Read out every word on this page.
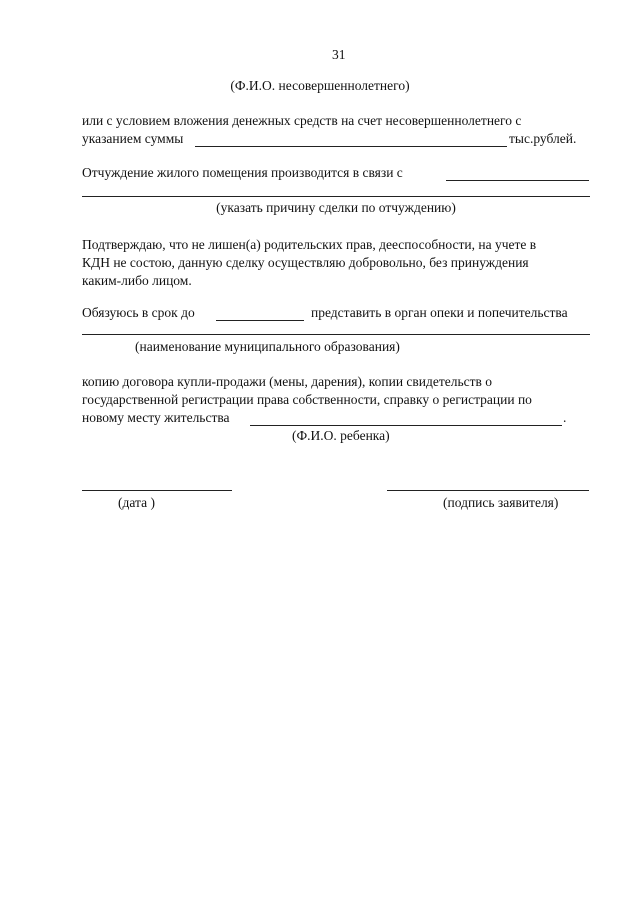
31
(Ф.И.О. несовершеннолетнего)
или с условием вложения денежных средств на счет несовершеннолетнего с
указанием суммы	тыс.рублей.
Отчуждение жилого помещения производится в связи с
(указать причину сделки по отчуждению)
Подтверждаю, что не лишен(а) родительских прав, дееспособности, на учете в
КДН не состою, данную сделку осуществляю добровольно, без принуждения
каким-либо лицом.
Обязуюсь в срок до	представить в орган опеки и попечительства
(наименование муниципального образования)
копию договора купли-продажи (мены, дарения), копии свидетельств о
государственной регистрации права собственности, справку о регистрации по
новому месту жительства	.
(Ф.И.О. ребенка)
(дата )	(подпись заявителя)
